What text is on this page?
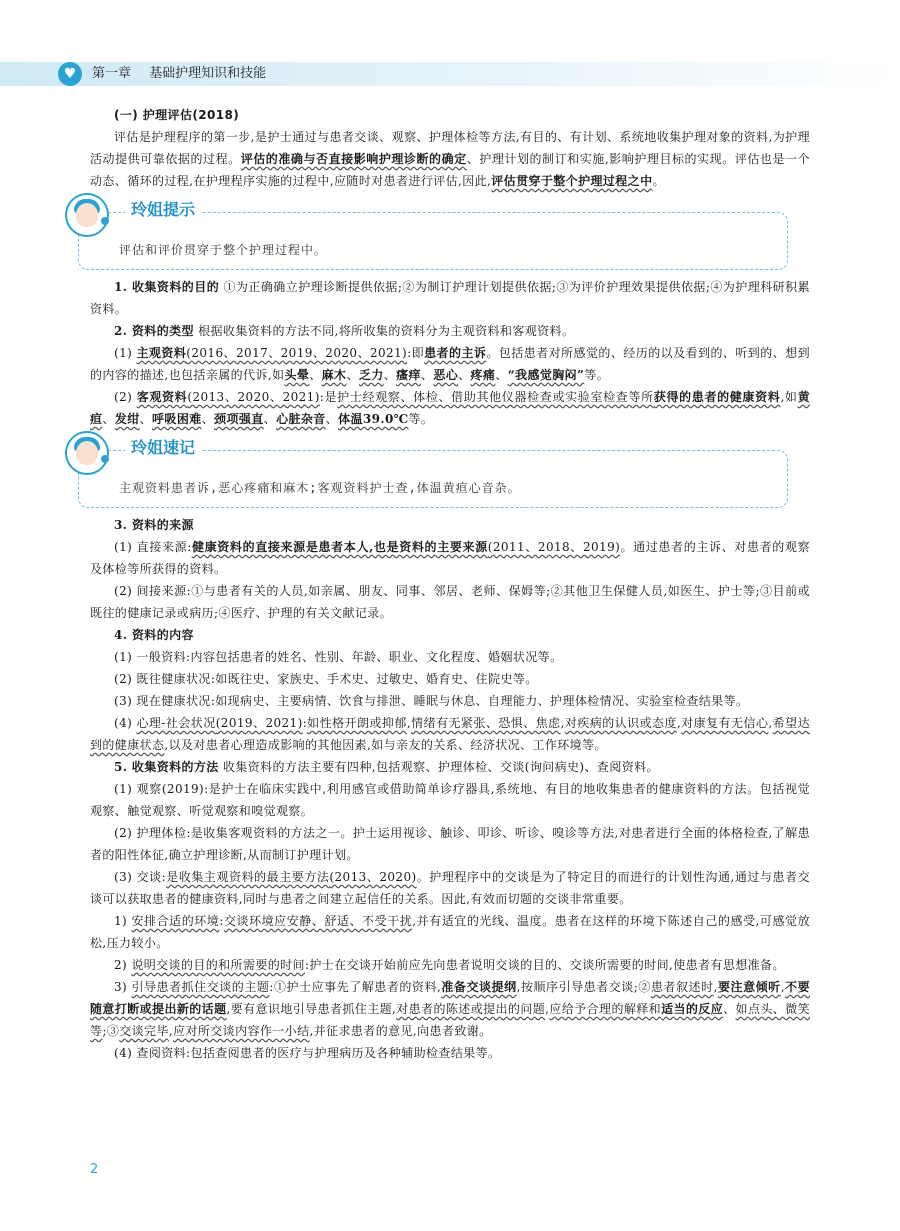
♥	第一章 基础护理知识和技能

(一) 护理评估(2018)

评估是护理程序的第一步,是护士通过与患者交谈、观察、护理体检等方法,有目的、有计划、系统地收集护理对象的资料,为护理活动提供可靠依据的过程。评估的准确与否直接影响护理诊断的确定、护理计划的制订和实施,影响护理目标的实现。评估也是一个动态、循环的过程,在护理程序实施的过程中,应随时对患者进行评估,因此,评估贯穿于整个护理过程之中。

玲姐提示
评估和评价贯穿于整个护理过程中。

1. 收集资料的目的 ①为正确确立护理诊断提供依据;②为制订护理计划提供依据;③为评价护理效果提供依据;④为护理科研积累资料。

2. 资料的类型 根据收集资料的方法不同,将所收集的资料分为主观资料和客观资料。

(1) 主观资料(2016、2017、2019、2020、2021):即患者的主诉。包括患者对所感觉的、经历的以及看到的、听到的、想到的内容的描述,也包括亲属的代诉,如头晕、麻木、乏力、瘙痒、恶心、疼痛、“我感觉胸闷”等。

(2) 客观资料(2013、2020、2021):是护士经观察、体检、借助其他仪器检查或实验室检查等所获得的患者的健康资料,如黄疸、发绀、呼吸困难、颈项强直、心脏杂音、体温39.0℃等。

玲姐速记
主观资料患者诉,恶心疼痛和麻木;客观资料护士查,体温黄疸心音杂。

3. 资料的来源

(1) 直接来源:健康资料的直接来源是患者本人,也是资料的主要来源(2011、2018、2019)。通过患者的主诉、对患者的观察及体检等所获得的资料。

(2) 间接来源:①与患者有关的人员,如亲属、朋友、同事、邻居、老师、保姆等;②其他卫生保健人员,如医生、护士等;③目前或既往的健康记录或病历;④医疗、护理的有关文献记录。

4. 资料的内容

(1) 一般资料:内容包括患者的姓名、性别、年龄、职业、文化程度、婚姻状况等。

(2) 既往健康状况:如既往史、家族史、手术史、过敏史、婚育史、住院史等。

(3) 现在健康状况:如现病史、主要病情、饮食与排泄、睡眠与休息、自理能力、护理体检情况、实验室检查结果等。

(4) 心理-社会状况(2019、2021):如性格开朗或抑郁,情绪有无紧张、恐惧、焦虑,对疾病的认识或态度,对康复有无信心,希望达到的健康状态,以及对患者心理造成影响的其他因素,如与亲友的关系、经济状况、工作环境等。

5. 收集资料的方法 收集资料的方法主要有四种,包括观察、护理体检、交谈(询问病史)、查阅资料。

(1) 观察(2019):是护士在临床实践中,利用感官或借助简单诊疗器具,系统地、有目的地收集患者的健康资料的方法。包括视觉观察、触觉观察、听觉观察和嗅觉观察。

(2) 护理体检:是收集客观资料的方法之一。护士运用视诊、触诊、叩诊、听诊、嗅诊等方法,对患者进行全面的体格检查,了解患者的阳性体征,确立护理诊断,从而制订护理计划。

(3) 交谈:是收集主观资料的最主要方法(2013、2020)。护理程序中的交谈是为了特定目的而进行的计划性沟通,通过与患者交谈可以获取患者的健康资料,同时与患者之间建立起信任的关系。因此,有效而切题的交谈非常重要。

1) 安排合适的环境:交谈环境应安静、舒适、不受干扰,并有适宜的光线、温度。患者在这样的环境下陈述自己的感受,可感觉放松,压力较小。

2) 说明交谈的目的和所需要的时间:护士在交谈开始前应先向患者说明交谈的目的、交谈所需要的时间,使患者有思想准备。

3) 引导患者抓住交谈的主题:①护士应事先了解患者的资料,准备交谈提纲,按顺序引导患者交谈;②患者叙述时,要注意倾听,不要随意打断或提出新的话题,要有意识地引导患者抓住主题,对患者的陈述或提出的问题,应给予合理的解释和适当的反应、如点头、微笑等;③交谈完毕,应对所交谈内容作一小结,并征求患者的意见,向患者致谢。

(4) 查阅资料:包括查阅患者的医疗与护理病历及各种辅助检查结果等。

2
